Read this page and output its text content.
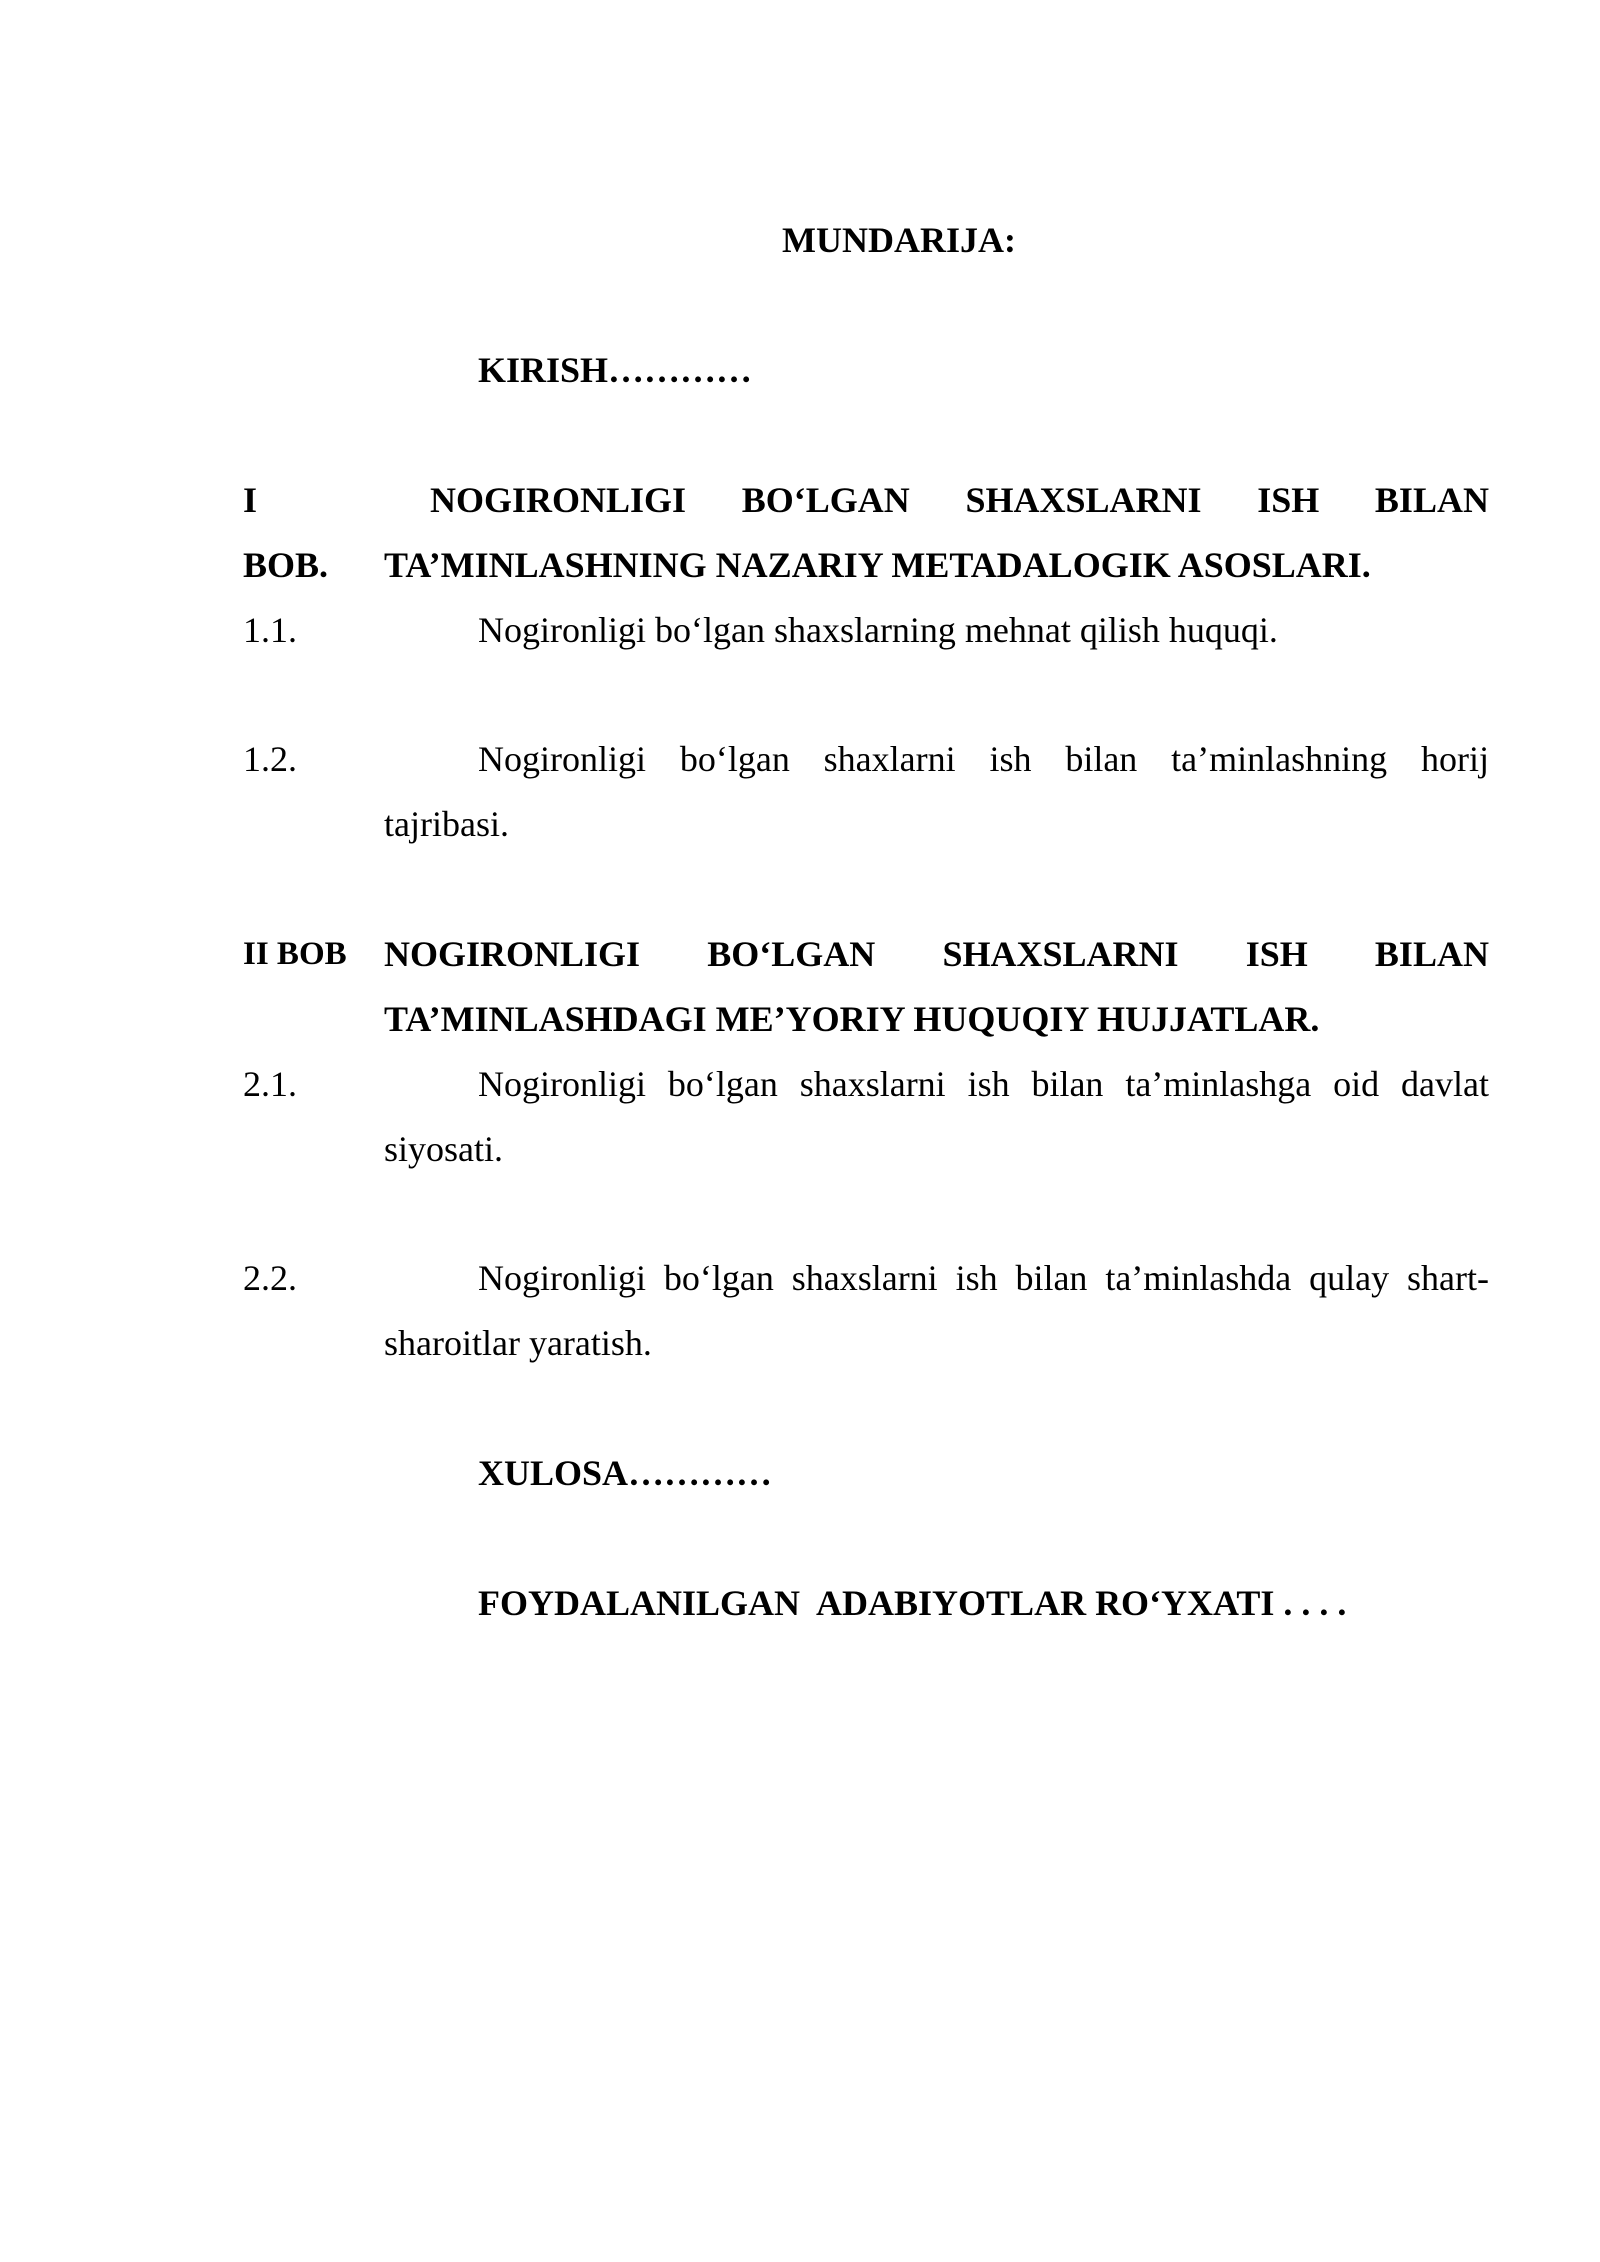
MUNDARIJA:
KIRISH…………
I	NOGIRONLIGI BO‘LGAN SHAXSLARNI ISH BILAN
BOB. TA’MINLASHNING NAZARIY METADALOGIK ASOSLARI.
1.1.	Nogironligi bo‘lgan shaxslarning mehnat qilish huquqi.
1.2.	Nogironligi bo‘lgan shaxlarni ish bilan ta’minlashning horij
tajribasi.
II BOB NOGIRONLIGI BO‘LGAN SHAXSLARNI ISH BILAN
TA’MINLASHDAGI ME’YORIY HUQUQIY HUJJATLAR.
2.1.	Nogironligi bo‘lgan shaxslarni ish bilan ta’minlashga oid davlat
siyosati.
2.2.	Nogironligi bo‘lgan shaxslarni ish bilan ta’minlashda qulay shart-
sharoitlar yaratish.
XULOSA…………
FOYDALANILGAN  ADABIYOTLAR RO‘YXATI . . . .
